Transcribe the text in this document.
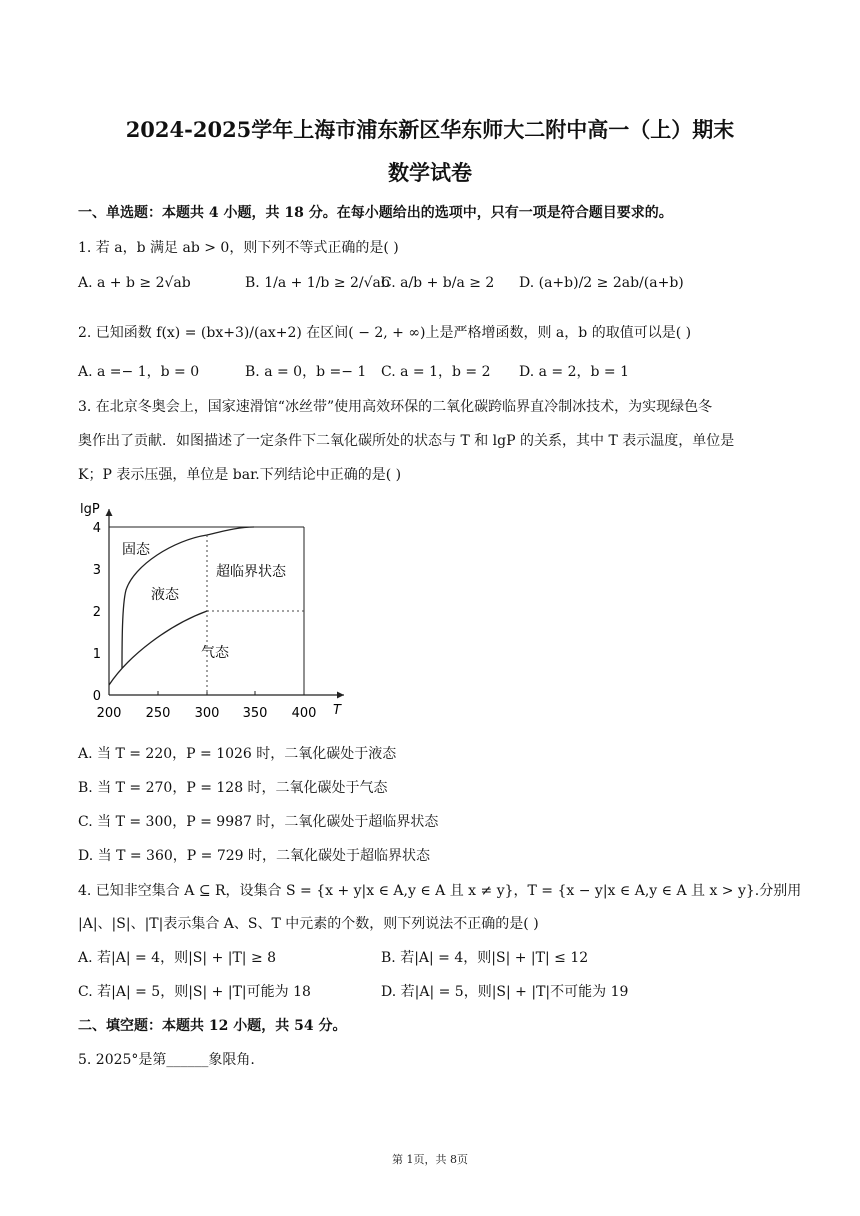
2024-2025学年上海市浦东新区华东师大二附中高一（上）期末
数学试卷
一、单选题：本题共 4 小题，共 18 分。在每小题给出的选项中，只有一项是符合题目要求的。
1. 若 a，b 满足 ab > 0，则下列不等式正确的是( )
A. a + b ≥ 2√ab	B. 1/a + 1/b ≥ 2/√ab
C. a/b + b/a ≥ 2 D. (a+b)/2 ≥ 2ab/(a+b)
2. 已知函数 f(x) = (bx+3)/(ax+2) 在区间( − 2, + ∞)上是严格增函数，则 a，b 的取值可以是( )
A. a =− 1，b = 0	B. a = 0，b =− 1 C. a = 1，b = 2 D. a = 2，b = 1
3. 在北京冬奥会上，国家速滑馆“冰丝带”使用高效环保的二氧化碳跨临界直冷制冰技术，为实现绿色冬
奥作出了贡献．如图描述了一定条件下二氧化碳所处的状态与 T 和 lgP 的关系，其中 T 表示温度，单位是
K；P 表示压强，单位是 bar.下列结论中正确的是( )
lgP
T
200 250 300 350 400
0
1
2
3
4
固态
液态
超临界状态
气态
A. 当 T = 220，P = 1026 时，二氧化碳处于液态
B. 当 T = 270，P = 128 时，二氧化碳处于气态
C. 当 T = 300，P = 9987 时，二氧化碳处于超临界状态
D. 当 T = 360，P = 729 时，二氧化碳处于超临界状态
4. 已知非空集合 A ⊆ R，设集合 S = {x + y|x ∈ A,y ∈ A 且 x ≠ y}，T = {x − y|x ∈ A,y ∈ A 且 x > y}.分别用
|A|、|S|、|T|表示集合 A、S、T 中元素的个数，则下列说法不正确的是( )
A. 若|A| = 4，则|S| + |T| ≥ 8	B. 若|A| = 4，则|S| + |T| ≤ 12
C. 若|A| = 5，则|S| + |T|可能为 18	D. 若|A| = 5，则|S| + |T|不可能为 19
二、填空题：本题共 12 小题，共 54 分。
5. 2025°是第______象限角.
第 1页，共 8页
